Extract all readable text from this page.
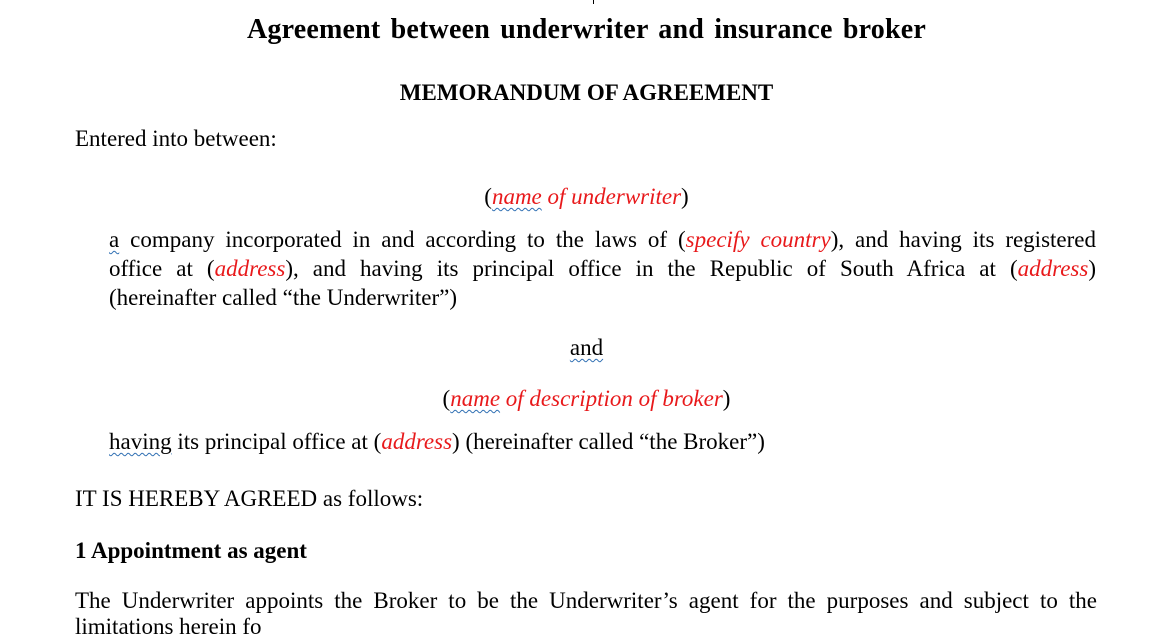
Agreement between underwriter and insurance broker
MEMORANDUM OF AGREEMENT
Entered into between:
(name of underwriter)
a company incorporated in and according to the laws of (specify country), and having its registered
office at (address), and having its principal office in the Republic of South Africa at (address)
(hereinafter called “the Underwriter”)
and
(name of description of broker)
having its principal office at (address) (hereinafter called “the Broker”)
IT IS HEREBY AGREED as follows:
1 Appointment as agent
The Underwriter appoints the Broker to be the Underwriter’s agent for the purposes and subject to the
limitations herein fo
